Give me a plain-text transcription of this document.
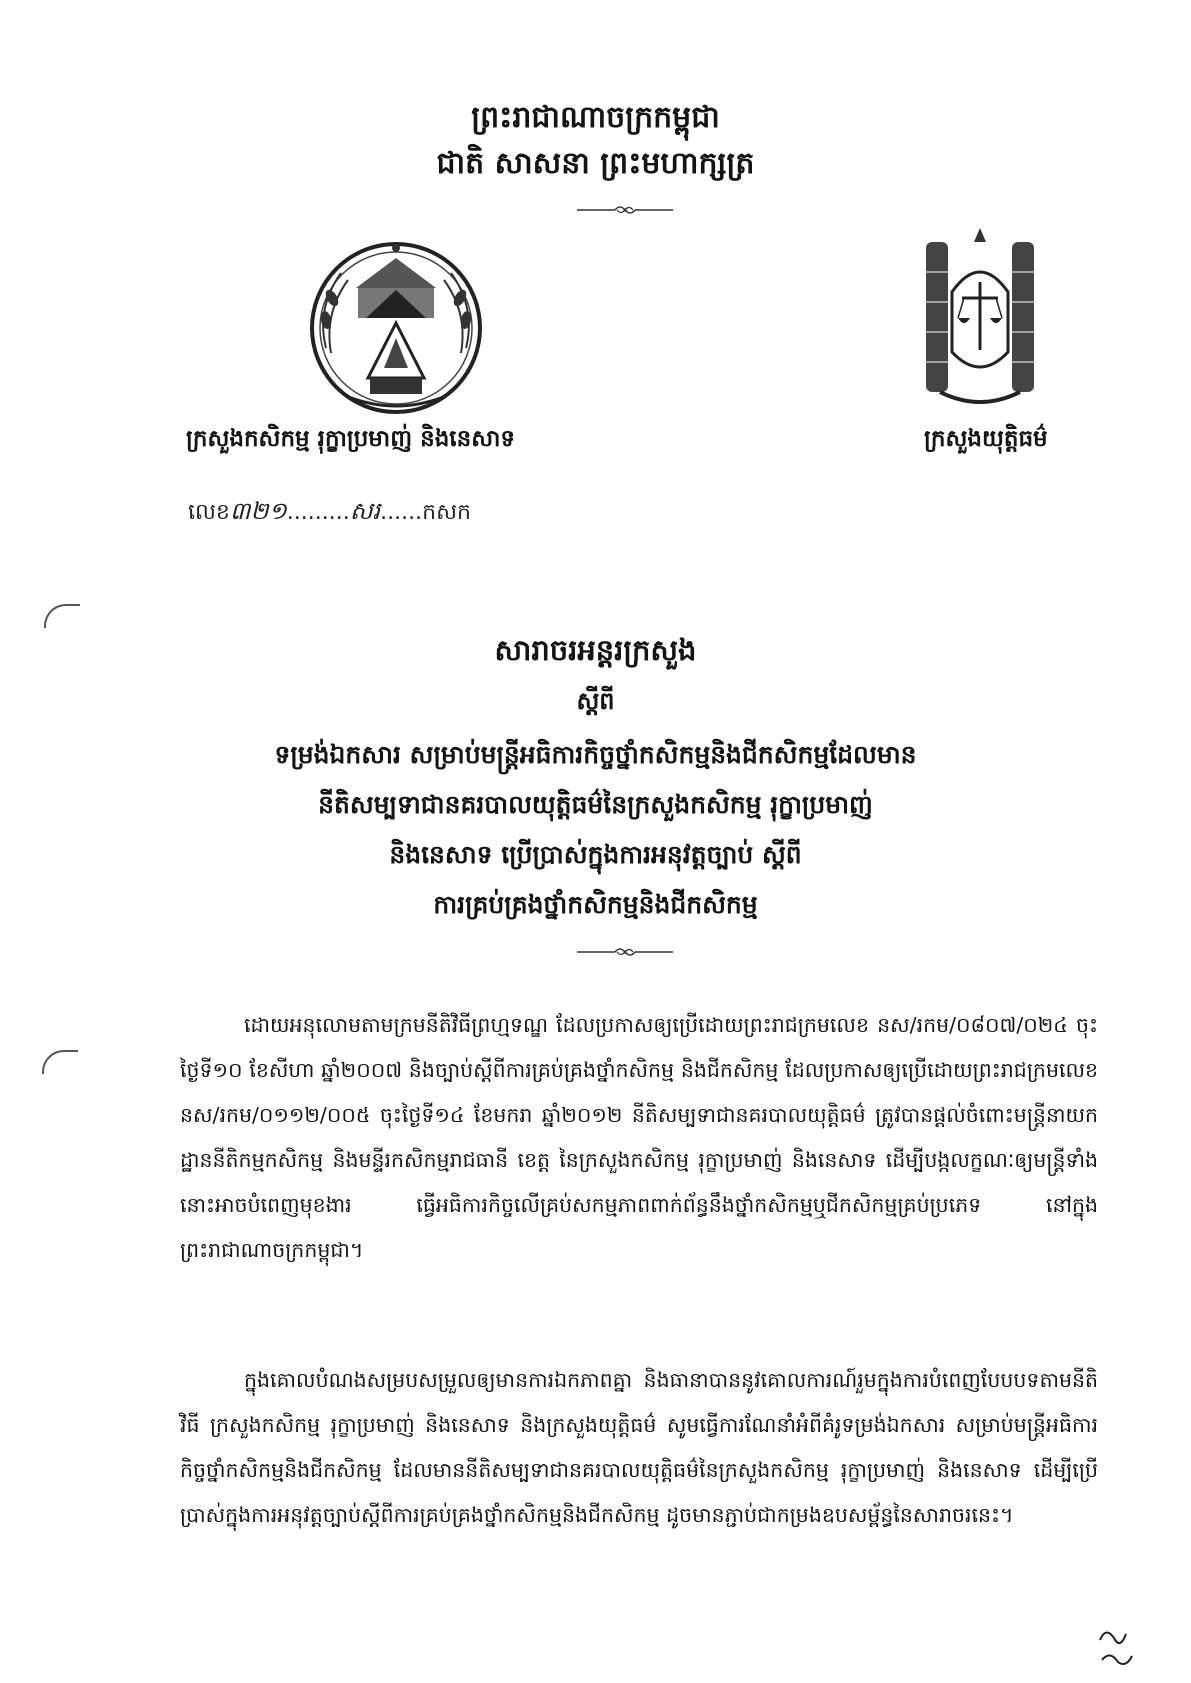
ព្រះរាជាណាចក្រកម្ពុជា
ជាតិ សាសនា ព្រះមហាក្សត្រ
ក្រសួងកសិកម្ម រុក្ខាប្រមាញ់ និងនេសាទ	ក្រសួងយុត្តិធម៌
លេខ៣២១.........សរ......កសក
សារាចរអន្តរក្រសួង
ស្តីពី
ទម្រង់ឯកសារ សម្រាប់មន្ត្រីអធិការកិច្ចថ្នាំកសិកម្មនិងជីកសិកម្មដែលមាន
នីតិសម្បទាជានគរបាលយុត្តិធម៌នៃក្រសួងកសិកម្ម រុក្ខាប្រមាញ់
និងនេសាទ ប្រើប្រាស់ក្នុងការអនុវត្តច្បាប់ ស្តីពី
ការគ្រប់គ្រងថ្នាំកសិកម្មនិងជីកសិកម្ម
ដោយអនុលោមតាមក្រមនីតិវិធីព្រហ្មទណ្ឌ ដែលប្រកាសឲ្យប្រើដោយព្រះរាជក្រមលេខ នស/រកម/០៨០៧/០២៤ ចុះថ្ងៃទី១០ ខែសីហា ឆ្នាំ២០០៧ និងច្បាប់ស្តីពីការគ្រប់គ្រងថ្នាំកសិកម្ម និងជីកសិកម្ម ដែលប្រកាសឲ្យប្រើដោយព្រះរាជក្រមលេខ នស/រកម/០១១២/០០៥ ចុះថ្ងៃទី១៤ ខែមករា ឆ្នាំ២០១២ នីតិសម្បទាជានគរបាលយុត្តិធម៌ ត្រូវបានផ្តល់ចំពោះមន្ត្រីនាយកដ្ឋាននីតិកម្មកសិកម្ម និងមន្ទីរកសិកម្មរាជធានី ខេត្ត នៃក្រសួងកសិកម្ម រុក្ខាប្រមាញ់ និងនេសាទ ដើម្បីបង្កលក្ខណៈឲ្យមន្ត្រីទាំងនោះអាចបំពេញមុខងារ ធ្វើអធិការកិច្ចលើគ្រប់សកម្មភាពពាក់ព័ន្ធនឹងថ្នាំកសិកម្មឬជីកសិកម្មគ្រប់ប្រភេទ នៅក្នុងព្រះរាជាណាចក្រកម្ពុជា។
ក្នុងគោលបំណងសម្របសម្រួលឲ្យមានការឯកភាពគ្នា និងធានាបាននូវគោលការណ៍រួមក្នុងការបំពេញបែបបទតាមនីតិវិធី ក្រសួងកសិកម្ម រុក្ខាប្រមាញ់ និងនេសាទ និងក្រសួងយុត្តិធម៌ សូមធ្វើការណែនាំអំពីគំរូទម្រង់ឯកសារ សម្រាប់មន្ត្រីអធិការកិច្ចថ្នាំកសិកម្មនិងជីកសិកម្ម ដែលមាននីតិសម្បទាជានគរបាលយុត្តិធម៌នៃក្រសួងកសិកម្ម រុក្ខាប្រមាញ់ និងនេសាទ ដើម្បីប្រើប្រាស់ក្នុងការអនុវត្តច្បាប់ស្តីពីការគ្រប់គ្រងថ្នាំកសិកម្មនិងជីកសិកម្ម ដូចមានភ្ជាប់ជាកម្រងឧបសម្ព័ន្ធនៃសារាចរនេះ។
